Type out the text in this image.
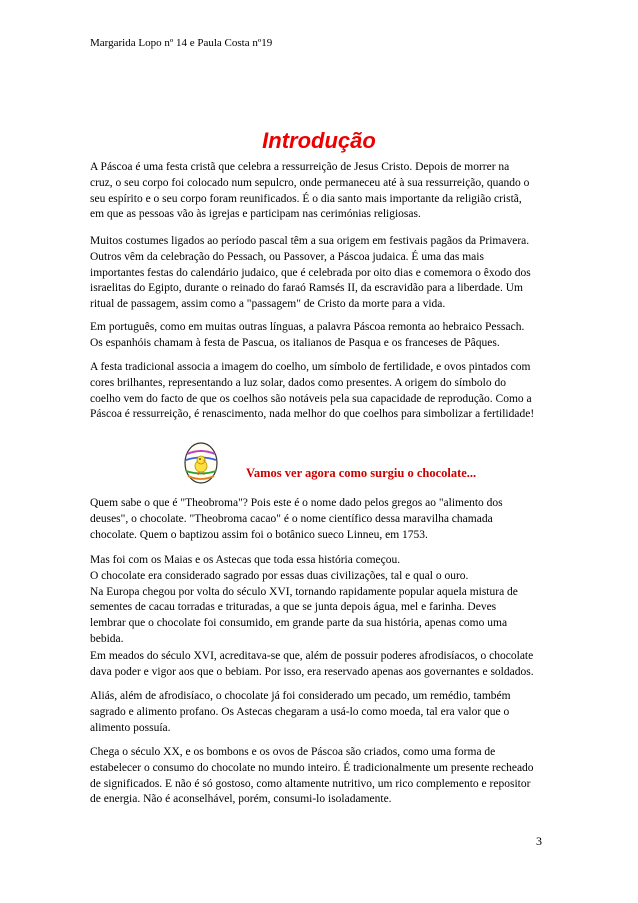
Margarida Lopo nº 14 e Paula Costa nº19
Introdução
A Páscoa é uma festa cristã que celebra a ressurreição de Jesus Cristo. Depois de morrer na
cruz, o seu corpo foi colocado num sepulcro, onde permaneceu até à sua ressurreição, quando o
seu espírito e o seu corpo foram reunificados. É o dia santo mais importante da religião cristã,
em que as pessoas vão às igrejas e participam nas cerimónias religiosas.
Muitos costumes ligados ao período pascal têm a sua origem em festivais pagãos da Primavera.
Outros vêm da celebração do Pessach, ou Passover, a Páscoa judaica. É uma das mais
importantes festas do calendário judaico, que é celebrada por oito dias e comemora o êxodo dos
israelitas do Egipto, durante o reinado do faraó Ramsés II, da escravidão para a liberdade. Um
ritual de passagem, assim como a "passagem" de Cristo da morte para a vida.
Em português, como em muitas outras línguas, a palavra Páscoa remonta ao hebraico Pessach.
Os espanhóis chamam à festa de Pascua, os italianos de Pasqua e os franceses de Pâques.
A festa tradicional associa a imagem do coelho, um símbolo de fertilidade, e ovos pintados com
cores brilhantes, representando a luz solar, dados como presentes. A origem do símbolo do
coelho vem do facto de que os coelhos são notáveis pela sua capacidade de reprodução. Como a
Páscoa é ressurreição, é renascimento, nada melhor do que coelhos para simbolizar a fertilidade!
Vamos ver agora como surgiu o chocolate...
Quem sabe o que é "Theobroma"? Pois este é o nome dado pelos gregos ao "alimento dos
deuses", o chocolate. "Theobroma cacao" é o nome científico dessa maravilha chamada
chocolate. Quem o baptizou assim foi o botânico sueco Linneu, em 1753.
Mas foi com os Maias e os Astecas que toda essa história começou.
O chocolate era considerado sagrado por essas duas civilizações, tal e qual o ouro.
Na Europa chegou por volta do século XVI, tornando rapidamente popular aquela mistura de
sementes de cacau torradas e trituradas, a que se junta depois água, mel e farinha. Deves
lembrar que o chocolate foi consumido, em grande parte da sua história, apenas como uma
bebida.
Em meados do século XVI, acreditava-se que, além de possuir poderes afrodisíacos, o chocolate
dava poder e vigor aos que o bebiam. Por isso, era reservado apenas aos governantes e soldados.
Aliás, além de afrodisíaco, o chocolate já foi considerado um pecado, um remédio, também
sagrado e alimento profano. Os Astecas chegaram a usá-lo como moeda, tal era valor que o
alimento possuía.
Chega o século XX, e os bombons e os ovos de Páscoa são criados, como uma forma de
estabelecer o consumo do chocolate no mundo inteiro. É tradicionalmente um presente recheado
de significados. E não é só gostoso, como altamente nutritivo, um rico complemento e repositor
de energia. Não é aconselhável, porém, consumi-lo isoladamente.
3
